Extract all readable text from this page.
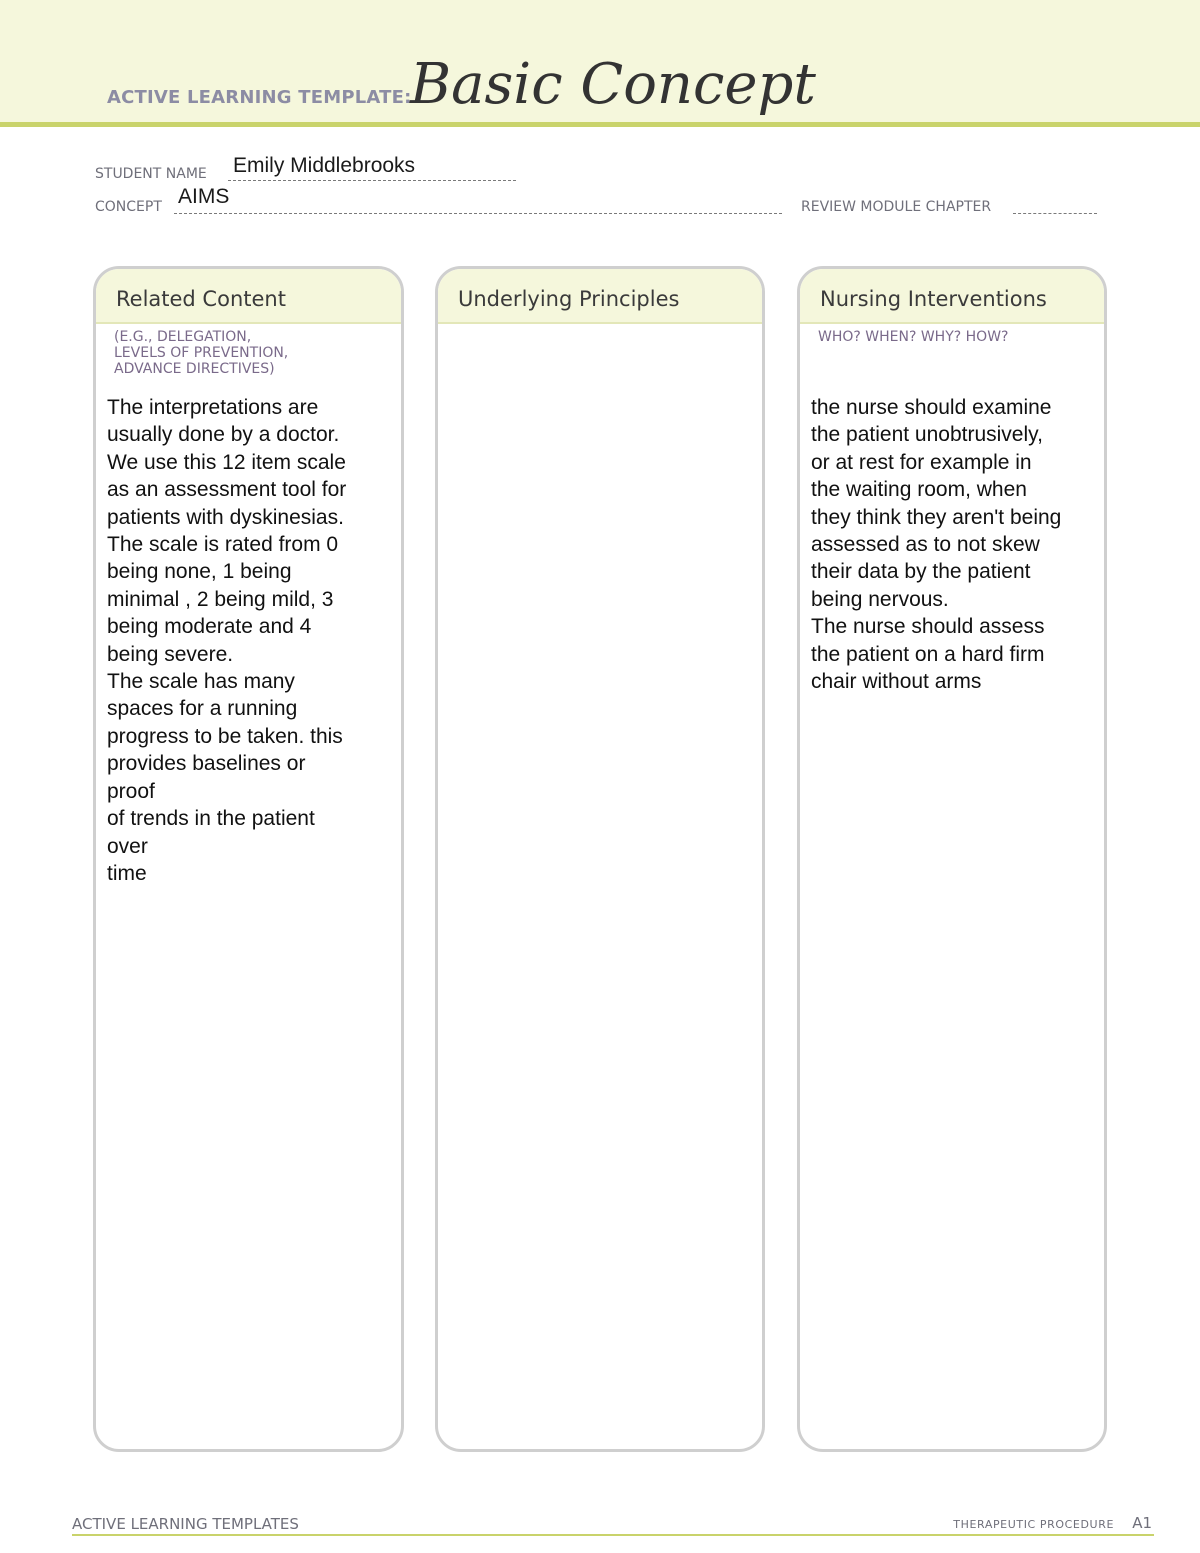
ACTIVE LEARNING TEMPLATE:
Basic Concept
STUDENT NAME Emily Middlebrooks
CONCEPT AIMS	REVIEW MODULE CHAPTER
Related Content
(E.G., DELEGATION,
LEVELS OF PREVENTION,
ADVANCE DIRECTIVES)
The interpretations are
usually done by a doctor.
We use this 12 item scale
as an assessment tool for
patients with dyskinesias.
The scale is rated from 0
being none, 1 being
minimal , 2 being mild, 3
being moderate and 4
being severe.
The scale has many
spaces for a running
progress to be taken. this
provides baselines or
proof
of trends in the patient
over
time
Underlying Principles	Nursing Interventions
WHO? WHEN? WHY? HOW?
the nurse should examine
the patient unobtrusively,
or at rest for example in
the waiting room, when
they think they aren't being
assessed as to not skew
their data by the patient
being nervous.
The nurse should assess
the patient on a hard firm
chair without arms
ACTIVE LEARNING TEMPLATES	THERAPEUTIC PROCEDURE A1
